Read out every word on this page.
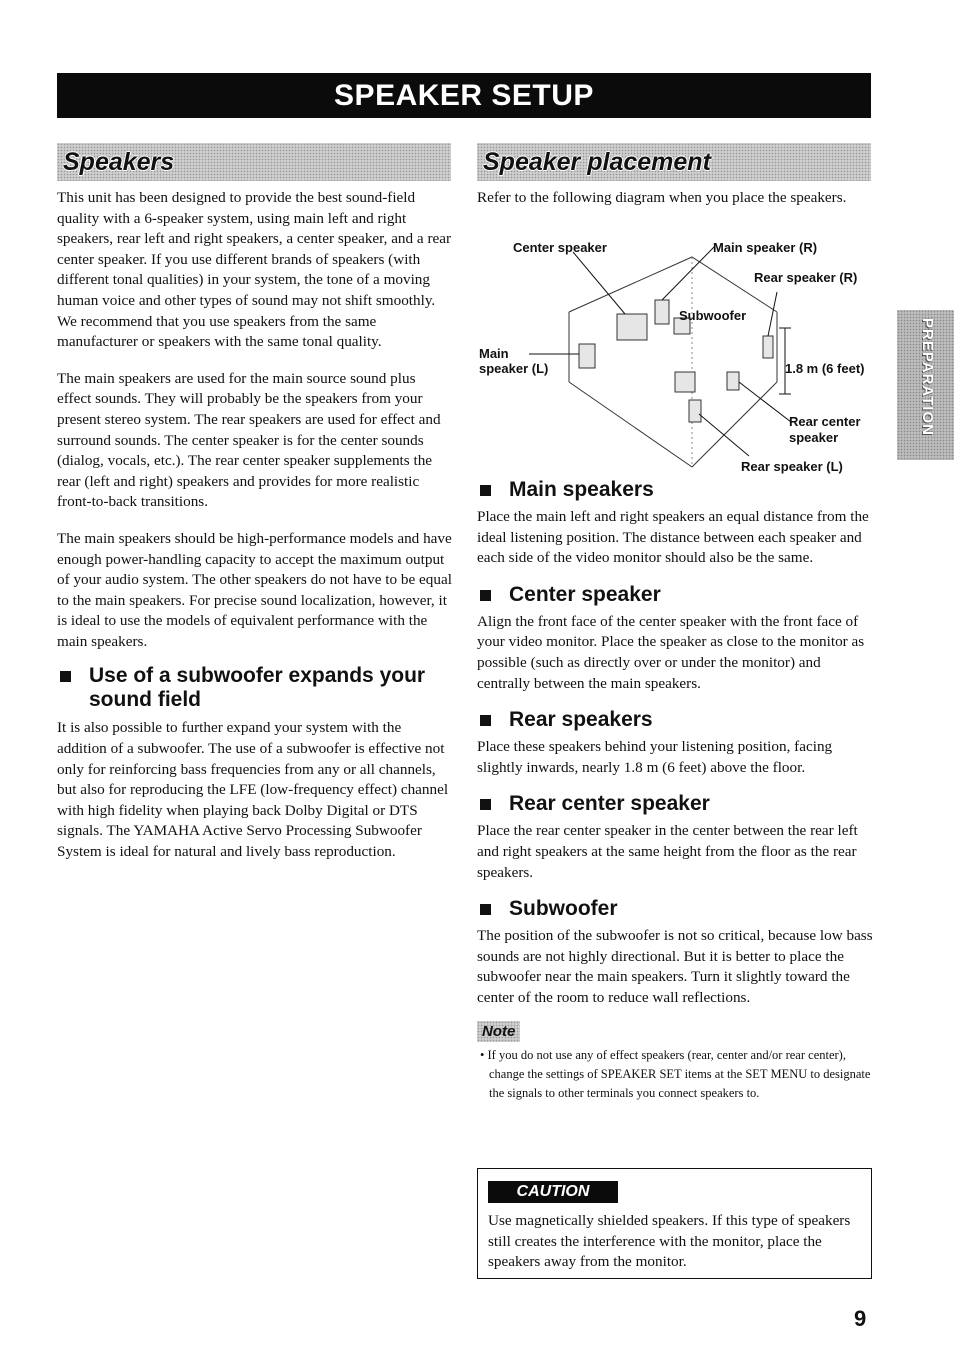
SPEAKER SETUP
Speakers

This unit has been designed to provide the best sound-field quality with a 6-speaker system, using main left and right speakers, rear left and right speakers, a center speaker, and a rear center speaker. If you use different brands of speakers (with different tonal qualities) in your system, the tone of a moving human voice and other types of sound may not shift smoothly. We recommend that you use speakers from the same manufacturer or speakers with the same tonal quality.

The main speakers are used for the main source sound plus effect sounds. They will probably be the speakers from your present stereo system. The rear speakers are used for effect and surround sounds. The center speaker is for the center sounds (dialog, vocals, etc.). The rear center speaker supplements the rear (left and right) speakers and provides for more realistic front-to-back transitions.

The main speakers should be high-performance models and have enough power-handling capacity to accept the maximum output of your audio system. The other speakers do not have to be equal to the main speakers. For precise sound localization, however, it is ideal to use the models of equivalent performance with the main speakers.

Use of a subwoofer expands your sound field

It is also possible to further expand your system with the addition of a subwoofer. The use of a subwoofer is effective not only for reinforcing bass frequencies from any or all channels, but also for reproducing the LFE (low-frequency effect) channel with high fidelity when playing back Dolby Digital or DTS signals. The YAMAHA Active Servo Processing Subwoofer System is ideal for natural and lively bass reproduction.

Speaker placement

Refer to the following diagram when you place the speakers.

Center speaker	Main speaker (R)
Rear speaker (R)
Subwoofer
Main
speaker (L)	1.8 m (6 feet)
Rear center
speaker
Rear speaker (L)
Main speakers

Place the main left and right speakers an equal distance from the ideal listening position. The distance between each speaker and each side of the video monitor should also be the same.

Center speaker

Align the front face of the center speaker with the front face of your video monitor. Place the speaker as close to the monitor as possible (such as directly over or under the monitor) and centrally between the main speakers.

Rear speakers

Place these speakers behind your listening position, facing slightly inwards, nearly 1.8 m (6 feet) above the floor.

Rear center speaker

Place the rear center speaker in the center between the rear left and right speakers at the same height from the floor as the rear speakers.

Subwoofer

The position of the subwoofer is not so critical, because low bass sounds are not highly directional. But it is better to place the subwoofer near the main speakers. Turn it slightly toward the center of the room to reduce wall reflections.

Note

• If you do not use any of effect speakers (rear, center and/or rear center), change the settings of SPEAKER SET items at the SET MENU to designate the signals to other terminals you connect speakers to.

CAUTION

Use magnetically shielded speakers. If this type of speakers still creates the interference with the monitor, place the speakers away from the monitor.

PREPARATION
9
